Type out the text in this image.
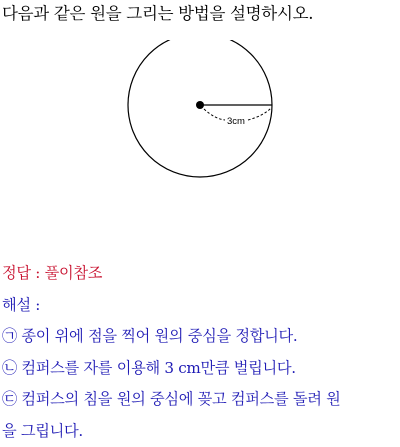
다음과 같은 원을 그리는 방법을 설명하시오.
3cm
정답 : 풀이참조
해설 :
㉠ 종이 위에 점을 찍어 원의 중심을 정합니다.
㉡ 컴퍼스를 자를 이용해 3 cm만큼 벌립니다.
㉢ 컴퍼스의 침을 원의 중심에 꽂고 컴퍼스를 돌려 원
을 그립니다.
